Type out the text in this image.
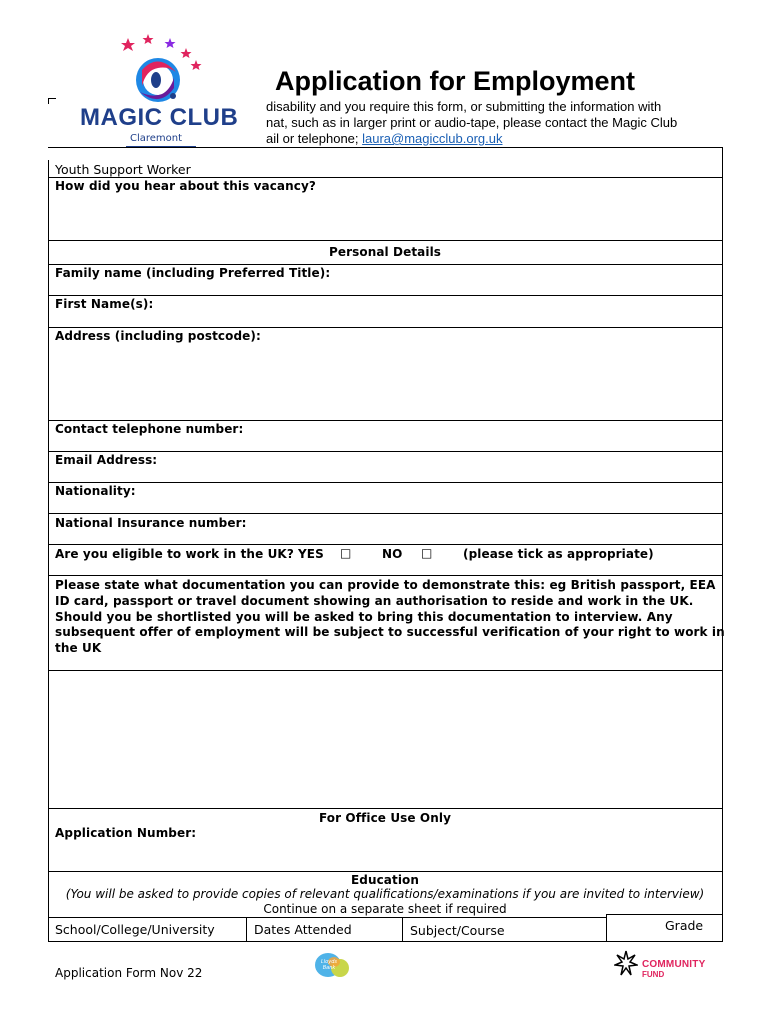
MAGIC CLUB
Claremont
Application for Employment
disability and you require this form, or submitting the information with
nat, such as in larger print or audio-tape, please contact the Magic Club
ail or telephone; laura@magicclub.org.uk
Youth Support Worker
How did you hear about this vacancy?
Personal Details
Family name (including Preferred Title):
First Name(s):
Address (including postcode):
Contact telephone number:
Email Address:
Nationality:
National Insurance number:
Are you eligible to work in the UK? YES □	NO □	(please tick as appropriate)
Please state what documentation you can provide to demonstrate this: eg British passport, EEA
ID card, passport or travel document showing an authorisation to reside and work in the UK.
Should you be shortlisted you will be asked to bring this documentation to interview. Any
subsequent offer of employment will be subject to successful verification of your right to work in
the UK
For Office Use Only
Application Number:
Education
(You will be asked to provide copies of relevant qualifications/examinations if you are invited to interview)
Continue on a separate sheet if required
School/College/University	Dates Attended	Subject/Course	Grade
Application Form Nov 22
Lloyds Bank	COMMUNITY
FUND
